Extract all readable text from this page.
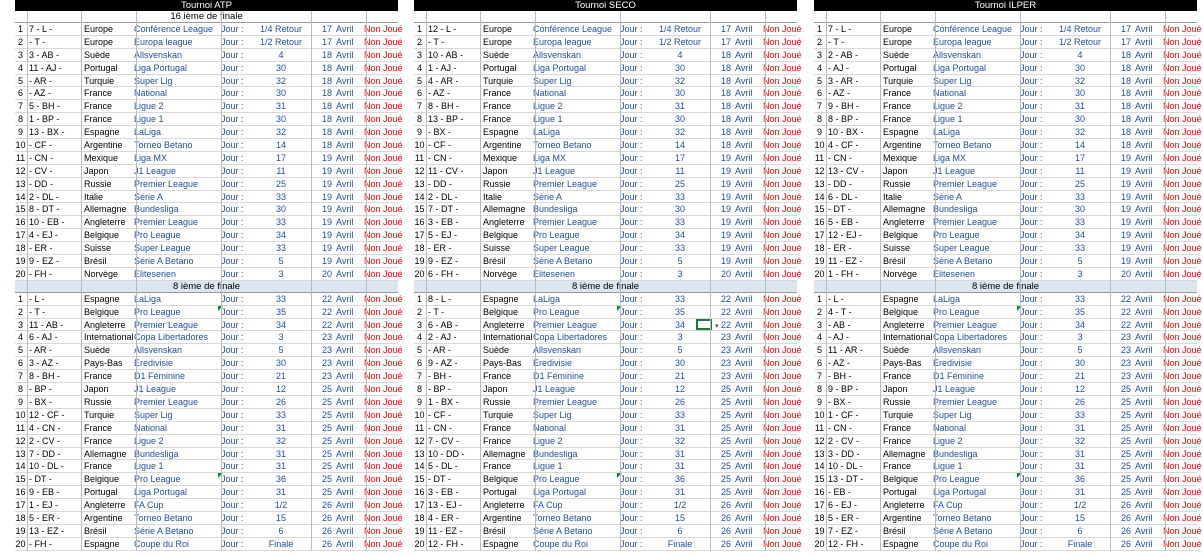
Tournoi ATP
16 ième de finale
1 7 - L -	Europe	Conférence League Jour :	1/4 Retour	17 Avril	Non Joué
2 - T -	Europe	Europa league	Jour :	1/2 Retour	17 Avril	Non Joué
3 3 - AB -	Suède	Allsvenskan	Jour :	4	18 Avril	Non Joué
4 11 - AJ -	Portugal	Liga Portugal	Jour :	30	18 Avril	Non Joué
5 - AR -	Turquie	Super Lig	Jour :	32	18 Avril	Non Joué
6 - AZ -	France	National	Jour :	30	18 Avril	Non Joué
7 5 - BH -	France	Ligue 2	Jour :	31	18 Avril	Non Joué
8 1 - BP -	France	Ligue 1	Jour :	30	18 Avril	Non Joué
9 13 - BX -	Espagne	LaLiga	Jour :	32	18 Avril	Non Joué
10 - CF -	Argentine	Torneo Betano	Jour :	14	18 Avril	Non Joué
11 - CN -	Mexique	Liga MX	Jour :	17	19 Avril	Non Joué
12 - CV -	Japon	J1 League	Jour :	11	19 Avril	Non Joué
13 - DD -	Russie	Premier League	Jour :	25	19 Avril	Non Joué
14 2 - DL -	Italie	Série A	Jour :	33	19 Avril	Non Joué
15 8 - DT -	Allemagne Bundesliga	Jour :	30	19 Avril	Non Joué
16 10 - EB -	Angleterre Premier League	Jour :	33	19 Avril	Non Joué
17 4 - EJ -	Belgique	Pro League	Jour :	34	19 Avril	Non Joué
18 - ER -	Suisse	Super League	Jour :	33	19 Avril	Non Joué
19 9 - EZ -	Brésil	Série A Betano	Jour :	5	19 Avril	Non Joué
20 - FH -	Norvège	Eliteserien	Jour :	3	20 Avril	Non Joué
8 ième de finale
1 - L -	Espagne	LaLiga	Jour :	33	22 Avril	Non Joué
2 - T -	Belgique	Pro League	Jour :	35	22 Avril	Non Joué
3 11 - AB -	Angleterre Premier League	Jour :	34	22 Avril	Non Joué
4 6 - AJ -	International Copa Libertadores	Jour :	3	23 Avril	Non Joué
5 - AR -	Suède	Allsvenskan	Jour :	5	23 Avril	Non Joué
6 3 - AZ -	Pays-Bas	Eredivisie	Jour :	30	23 Avril	Non Joué
7 8 - BH -	France	D1 Féminine	Jour :	21	23 Avril	Non Joué
8 - BP -	Japon	J1 League	Jour :	12	25 Avril	Non Joué
9 - BX -	Russie	Premier League	Jour :	26	25 Avril	Non Joué
10 12 - CF -	Turquie	Super Lig	Jour :	33	25 Avril	Non Joué
11 4 - CN -	France	National	Jour :	31	25 Avril	Non Joué
12 2 - CV -	France	Ligue 2	Jour :	32	25 Avril	Non Joué
13 7 - DD -	Allemagne Bundesliga	Jour :	31	25 Avril	Non Joué
14 10 - DL -	France	Ligue 1	Jour :	31	25 Avril	Non Joué
15 - DT -	Belgique	Pro League	Jour :	36	25 Avril	Non Joué
16 9 - EB -	Portugal	Liga Portugal	Jour :	31	25 Avril	Non Joué
17 1 - EJ -	Angleterre FA Cup	Jour :	1/2	26 Avril	Non Joué
18 5 - ER -	Argentine	Torneo Betano	Jour :	15	26 Avril	Non Joué
19 13 - EZ -	Brésil	Série A Betano	Jour :	6	26 Avril	Non Joué
20 - FH -	Espagne	Coupe du Roi	Jour :	Finale	26 Avril	Non Joué
Tournoi SECO
1 12 - L -	Europe	Conférence League Jour :	1/4 Retour	17 Avril	Non Joué
2 - T -	Europe	Europa league	Jour :	1/2 Retour	17 Avril	Non Joué
3 10 - AB -	Suède	Allsvenskan	Jour :	4	18 Avril	Non Joué
4 1 - AJ -	Portugal	Liga Portugal	Jour :	30	18 Avril	Non Joué
5 4 - AR -	Turquie	Super Lig	Jour :	32	18 Avril	Non Joué
6 - AZ -	France	National	Jour :	30	18 Avril	Non Joué
7 8 - BH -	France	Ligue 2	Jour :	31	18 Avril	Non Joué
8 13 - BP -	France	Ligue 1	Jour :	30	18 Avril	Non Joué
9 - BX -	Espagne	LaLiga	Jour :	32	18 Avril	Non Joué
10 - CF -	Argentine	Torneo Betano	Jour :	14	18 Avril	Non Joué
11 - CN -	Mexique	Liga MX	Jour :	17	19 Avril	Non Joué
12 11 - CV -	Japon	J1 League	Jour :	11	19 Avril	Non Joué
13 - DD -	Russie	Premier League	Jour :	25	19 Avril	Non Joué
14 2 - DL -	Italie	Série A	Jour :	33	19 Avril	Non Joué
15 7 - DT -	Allemagne Bundesliga	Jour :	30	19 Avril	Non Joué
16 3 - EB -	Angleterre Premier League	Jour :	33	19 Avril	Non Joué
17 5 - EJ -	Belgique	Pro League	Jour :	34	19 Avril	Non Joué
18 - ER -	Suisse	Super League	Jour :	33	19 Avril	Non Joué
19 9 - EZ -	Brésil	Série A Betano	Jour :	5	19 Avril	Non Joué
20 6 - FH -	Norvège	Eliteserien	Jour :	3	20 Avril	Non Joué
8 ième de finale
1 8 - L -	Espagne	LaLiga	Jour :	33	22 Avril	Non Joué
2 - T -	Belgique	Pro League	Jour :	35	22 Avril	Non Joué
3 6 - AB -	Angleterre Premier League	Jour :	34	22 Avril	Non Joué
▾
4 2 - AJ -	International Copa Libertadores	Jour :	3	23 Avril	Non Joué
5 - AR -	Suède	Allsvenskan	Jour :	5	23 Avril	Non Joué
6 9 - AZ -	Pays-Bas	Eredivisie	Jour :	30	23 Avril	Non Joué
7 - BH -	France	D1 Féminine	Jour :	21	23 Avril	Non Joué
8 - BP -	Japon	J1 League	Jour :	12	25 Avril	Non Joué
9 1 - BX -	Russie	Premier League	Jour :	26	25 Avril	Non Joué
10 - CF -	Turquie	Super Lig	Jour :	33	25 Avril	Non Joué
11 - CN -	France	National	Jour :	31	25 Avril	Non Joué
12 7 - CV -	France	Ligue 2	Jour :	32	25 Avril	Non Joué
13 10 - DD -	Allemagne Bundesliga	Jour :	31	25 Avril	Non Joué
14 5 - DL -	France	Ligue 1	Jour :	31	25 Avril	Non Joué
15 - DT -	Belgique	Pro League	Jour :	36	25 Avril	Non Joué
16 3 - EB -	Portugal	Liga Portugal	Jour :	31	25 Avril	Non Joué
17 13 - EJ -	Angleterre FA Cup	Jour :	1/2	26 Avril	Non Joué
18 4 - ER -	Argentine	Torneo Betano	Jour :	15	26 Avril	Non Joué
19 11 - EZ -	Brésil	Série A Betano	Jour :	6	26 Avril	Non Joué
20 12 - FH -	Espagne	Coupe du Roi	Jour :	Finale	26 Avril	Non Joué
Tournoi ILPER
1 7 - L -	Europe	Conférence League Jour :	1/4 Retour	17 Avril	Non Joué
2 - T -	Europe	Europa league	Jour :	1/2 Retour	17 Avril	Non Joué
3 2 - AB -	Suède	Allsvenskan	Jour :	4	18 Avril	Non Joué
4 - AJ -	Portugal	Liga Portugal	Jour :	30	18 Avril	Non Joué
5 3 - AR -	Turquie	Super Lig	Jour :	32	18 Avril	Non Joué
6 - AZ -	France	National	Jour :	30	18 Avril	Non Joué
7 9 - BH -	France	Ligue 2	Jour :	31	18 Avril	Non Joué
8 8 - BP -	France	Ligue 1	Jour :	30	18 Avril	Non Joué
9 10 - BX -	Espagne	LaLiga	Jour :	32	18 Avril	Non Joué
10 4 - CF -	Argentine	Torneo Betano	Jour :	14	18 Avril	Non Joué
11 - CN -	Mexique	Liga MX	Jour :	17	19 Avril	Non Joué
12 13 - CV -	Japon	J1 League	Jour :	11	19 Avril	Non Joué
13 - DD -	Russie	Premier League	Jour :	25	19 Avril	Non Joué
14 6 - DL -	Italie	Série A	Jour :	33	19 Avril	Non Joué
15 - DT -	Allemagne Bundesliga	Jour :	30	19 Avril	Non Joué
16 5 - EB -	Angleterre Premier League	Jour :	33	19 Avril	Non Joué
17 12 - EJ -	Belgique	Pro League	Jour :	34	19 Avril	Non Joué
18 - ER -	Suisse	Super League	Jour :	33	19 Avril	Non Joué
19 11 - EZ -	Brésil	Série A Betano	Jour :	5	19 Avril	Non Joué
20 1 - FH -	Norvège	Eliteserien	Jour :	3	20 Avril	Non Joué
8 ième de finale
1 - L -	Espagne	LaLiga	Jour :	33	22 Avril	Non Joué
2 4 - T -	Belgique	Pro League	Jour :	35	22 Avril	Non Joué
3 - AB -	Angleterre Premier League	Jour :	34	22 Avril	Non Joué
4 - AJ -	International Copa Libertadores	Jour :	3	23 Avril	Non Joué
5 11 - AR -	Suède	Allsvenskan	Jour :	5	23 Avril	Non Joué
6 - AZ -	Pays-Bas	Eredivisie	Jour :	30	23 Avril	Non Joué
7 - BH -	France	D1 Féminine	Jour :	21	23 Avril	Non Joué
8 9 - BP -	Japon	J1 League	Jour :	12	25 Avril	Non Joué
9 - BX -	Russie	Premier League	Jour :	26	25 Avril	Non Joué
10 1 - CF -	Turquie	Super Lig	Jour :	33	25 Avril	Non Joué
11 - CN -	France	National	Jour :	31	25 Avril	Non Joué
12 2 - CV -	France	Ligue 2	Jour :	32	25 Avril	Non Joué
13 3 - DD -	Allemagne Bundesliga	Jour :	31	25 Avril	Non Joué
14 10 - DL -	France	Ligue 1	Jour :	31	25 Avril	Non Joué
15 13 - DT -	Belgique	Pro League	Jour :	36	25 Avril	Non Joué
16 - EB -	Portugal	Liga Portugal	Jour :	31	25 Avril	Non Joué
17 6 - EJ -	Angleterre FA Cup	Jour :	1/2	26 Avril	Non Joué
18 5 - ER -	Argentine	Torneo Betano	Jour :	15	26 Avril	Non Joué
19 7 - EZ -	Brésil	Série A Betano	Jour :	6	26 Avril	Non Joué
20 12 - FH -	Espagne	Coupe du Roi	Jour :	Finale	26 Avril	Non Joué
